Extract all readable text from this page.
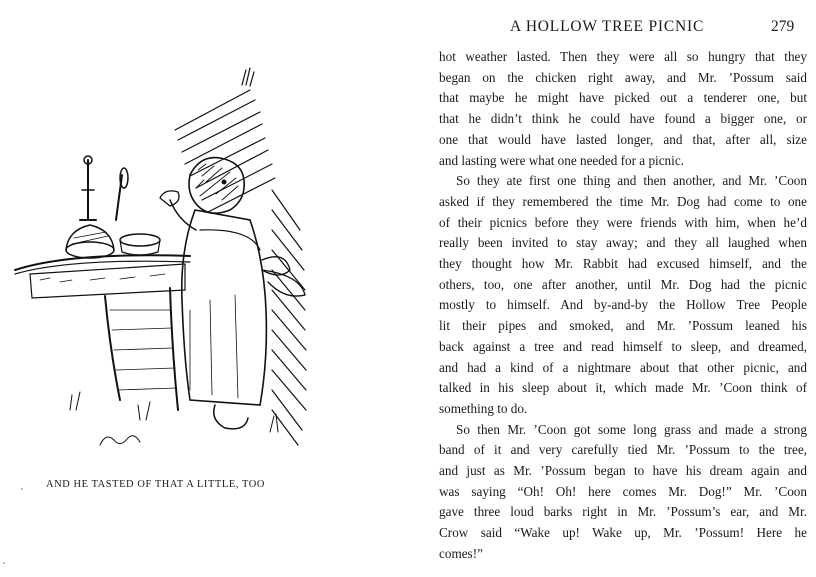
AND HE TASTED OF THAT A LITTLE, TOO
A HOLLOW TREE PICNIC	279
hot weather lasted. Then they were all so hungry that they
began on the chicken right away, and Mr. ’Possum said
that maybe he might have picked out a tenderer one, but
that he didn’t think he could have found a bigger one, or
one that would have lasted longer, and that, after all, size
and lasting were what one needed for a picnic.
So they ate first one thing and then another, and Mr. ’Coon
asked if they remembered the time Mr. Dog had come to one
of their picnics before they were friends with him, when he’d
really been invited to stay away; and they all laughed when
they thought how Mr. Rabbit had excused himself, and the
others, too, one after another, until Mr. Dog had the picnic
mostly to himself. And by-and-by the Hollow Tree People
lit their pipes and smoked, and Mr. ’Possum leaned his
back against a tree and read himself to sleep, and dreamed,
and had a kind of a nightmare about that other picnic, and
talked in his sleep about it, which made Mr. ’Coon think of
something to do.
So then Mr. ’Coon got some long grass and made a strong
band of it and very carefully tied Mr. ’Possum to the tree,
and just as Mr. ’Possum began to have his dream again and
was saying “Oh! Oh! here comes Mr. Dog!” Mr. ’Coon
gave three loud barks right in Mr. ’Possum’s ear, and Mr.
Crow said “Wake up! Wake up, Mr. ’Possum! Here he
comes!”
